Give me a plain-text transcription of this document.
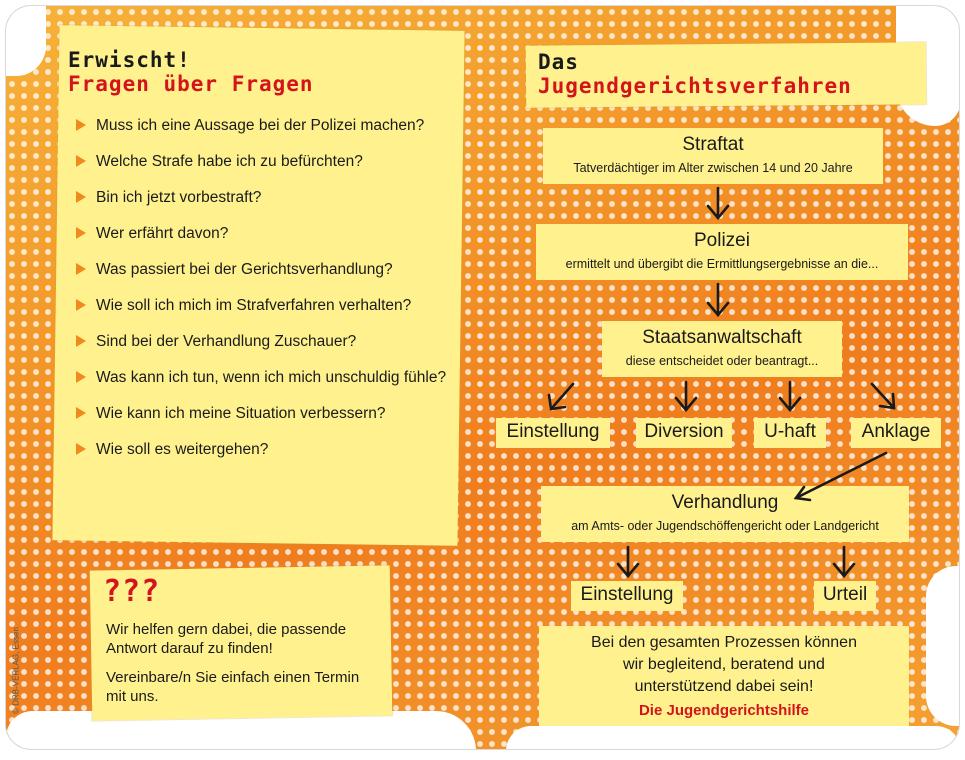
Erwischt!
Fragen über Fragen
Muss ich eine Aussage bei der Polizei machen?
Welche Strafe habe ich zu befürchten?
Bin ich jetzt vorbestraft?
Wer erfährt davon?
Was passiert bei der Gerichtsverhandlung?
Wie soll ich mich im Strafverfahren verhalten?
Sind bei der Verhandlung Zuschauer?
Was kann ich tun, wenn ich mich unschuldig fühle?
Wie kann ich meine Situation verbessern?
Wie soll es weitergehen?
???
Wir helfen gern dabei, die passende Antwort darauf zu finden!
Vereinbare/n Sie einfach einen Termin mit uns.
© DRB-VERLAG, Essen
Das
Jugendgerichtsverfahren
Straftat
Tatverdächtiger im Alter zwischen 14 und 20 Jahre
Polizei
ermittelt und übergibt die Ermittlungsergebnisse an die...
Staatsanwaltschaft
diese entscheidet oder beantragt...
Einstellung	Diversion	U-haft	Anklage
Verhandlung
am Amts- oder Jugendschöffengericht oder Landgericht
Einstellung	Urteil
Bei den gesamten Prozessen können wir begleitend, beratend und unterstützend dabei sein!
Die Jugendgerichtshilfe
